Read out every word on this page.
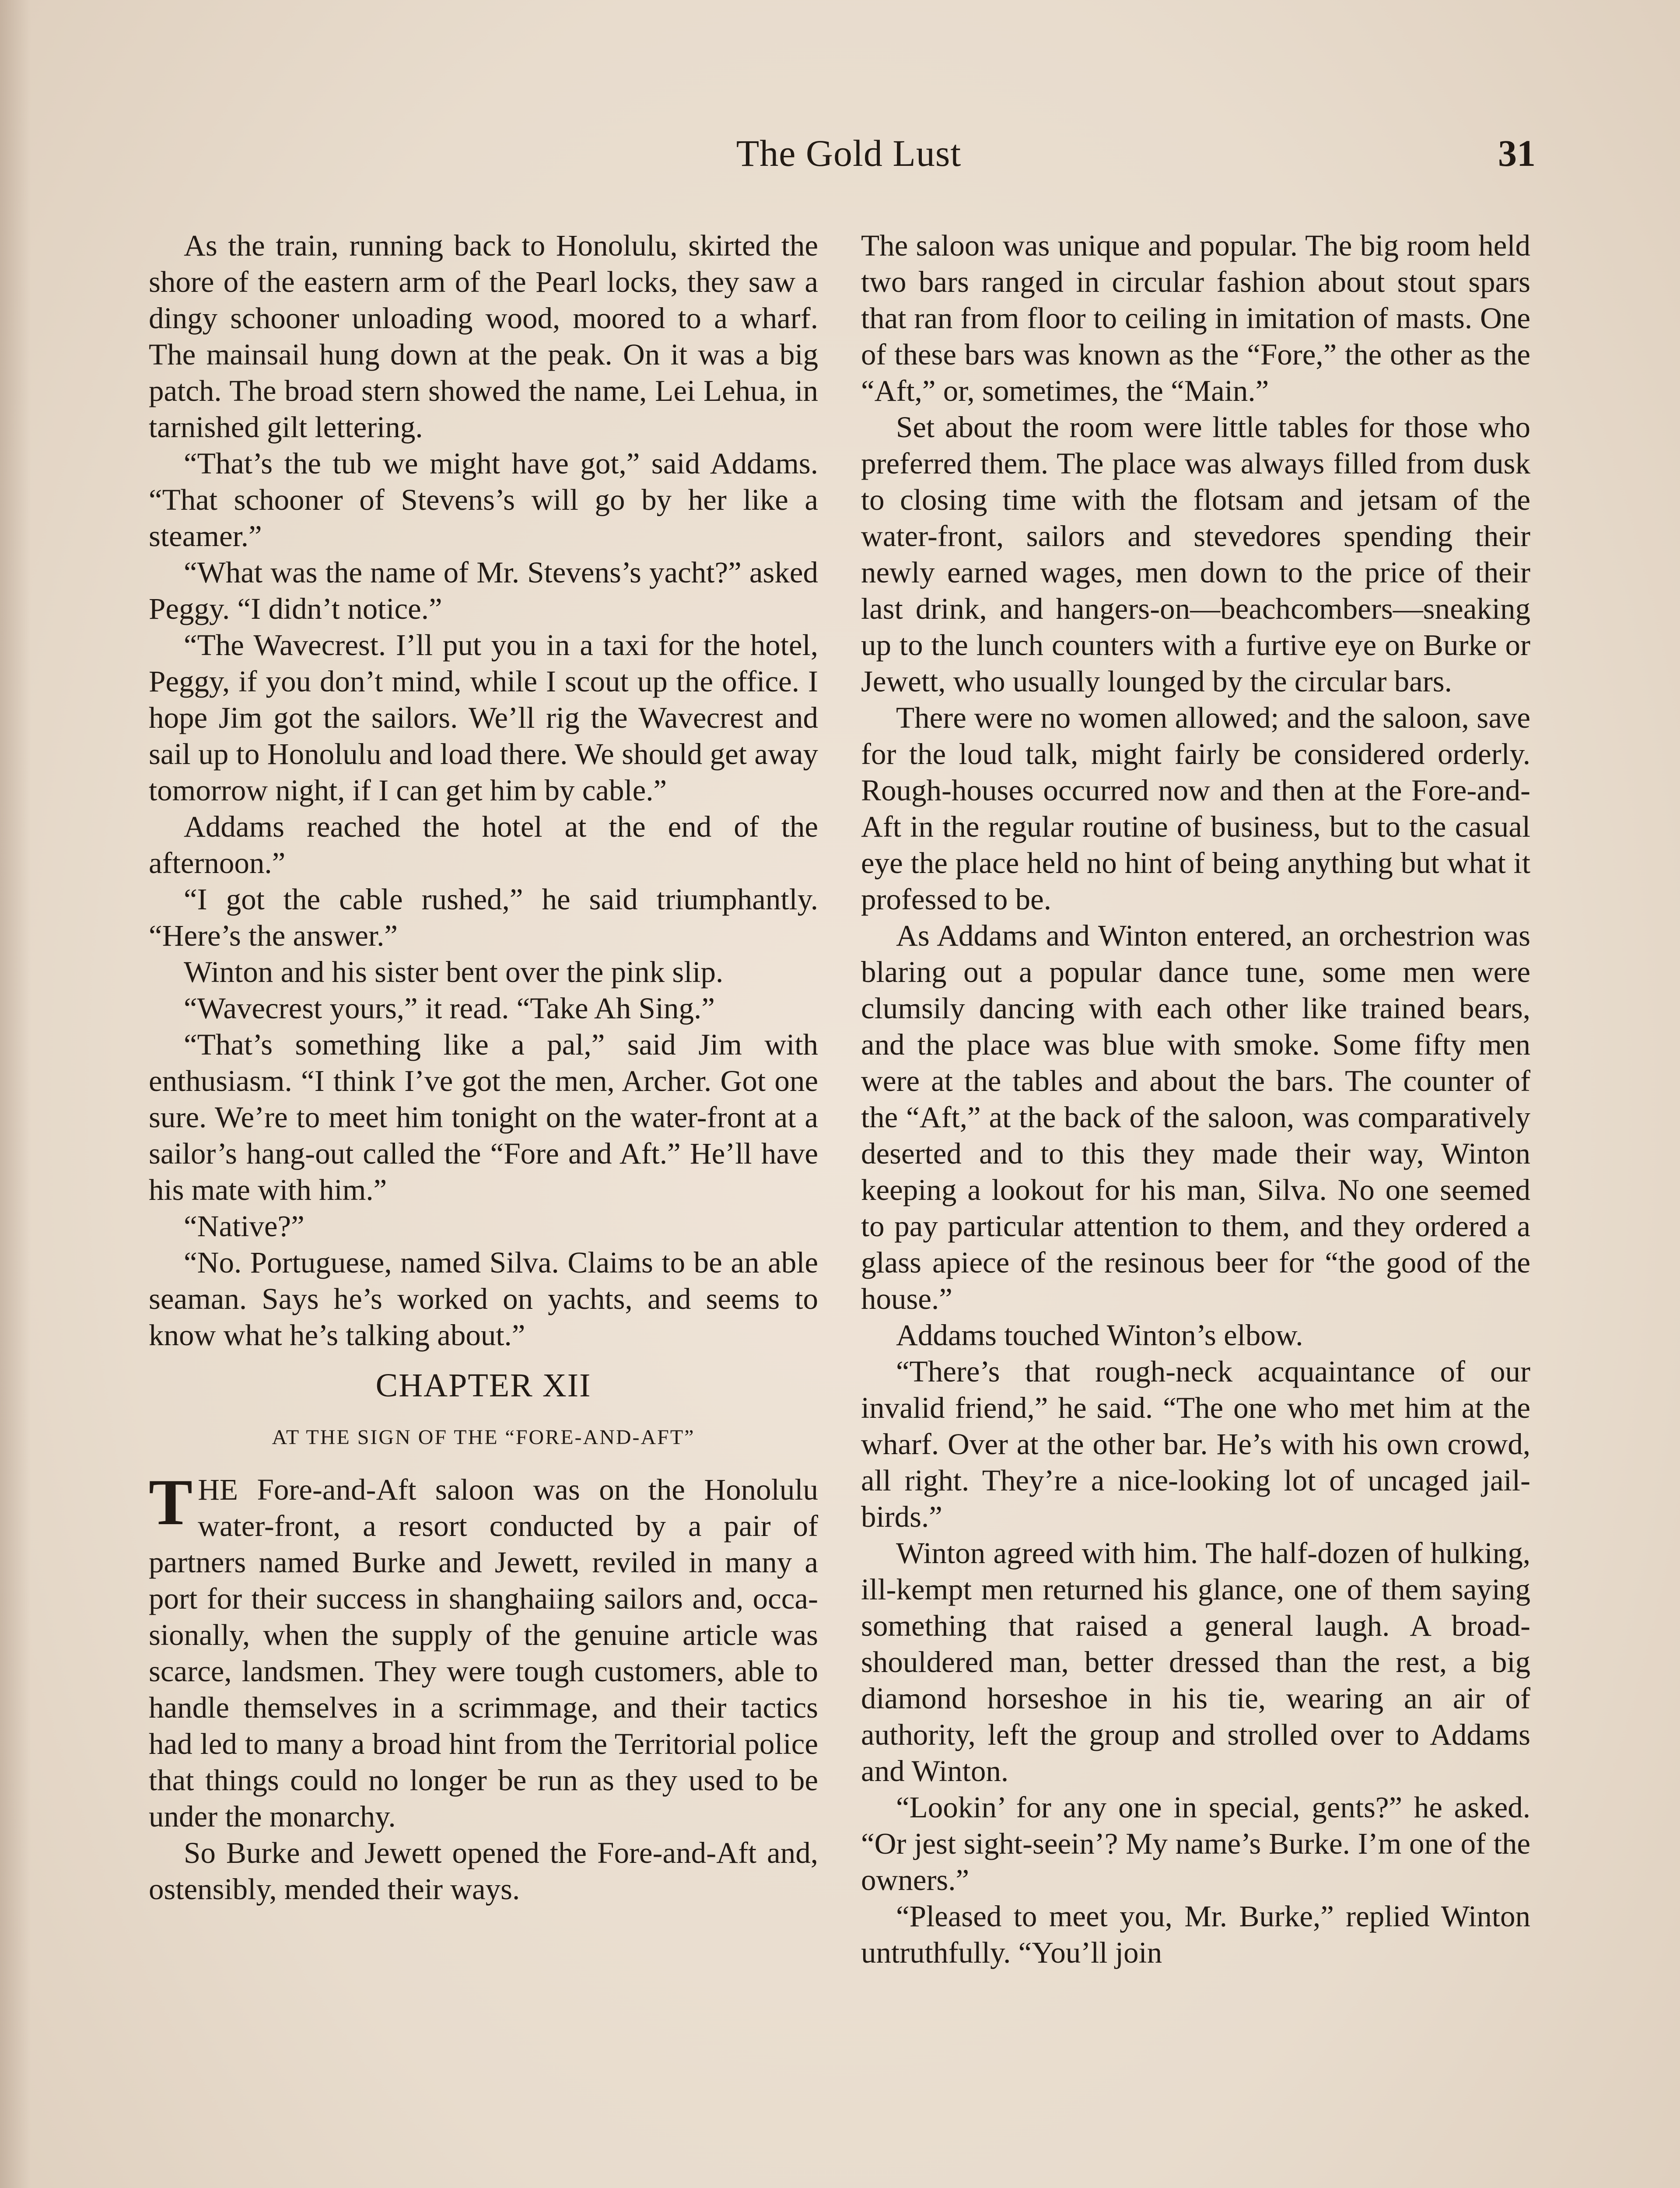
The Gold Lust	31

As the train, running back to Honolulu, skirted the shore of the eastern arm of the Pearl locks, they saw a dingy schooner unloading wood, moored to a wharf. The mainsail hung down at the peak. On it was a big patch. The broad stern showed the name, Lei Lehua, in tarnished gilt lettering.

“That’s the tub we might have got,” said Addams. “That schooner of Stevens’s will go by her like a steamer.”

“What was the name of Mr. Stevens’s yacht?” asked Peggy. “I didn’t notice.”

“The Wavecrest. I’ll put you in a taxi for the hotel, Peggy, if you don’t mind, while I scout up the office. I hope Jim got the sailors. We’ll rig the Wavecrest and sail up to Honolulu and load there. We should get away tomorrow night, if I can get him by cable.”

Addams reached the hotel at the end of the afternoon.”

“I got the cable rushed,” he said triumphantly. “Here’s the answer.”

Winton and his sister bent over the pink slip.

“Wavecrest yours,” it read. “Take Ah Sing.”

“That’s something like a pal,” said Jim with enthusiasm. “I think I’ve got the men, Archer. Got one sure. We’re to meet him tonight on the water-front at a sailor’s hang-out called the “Fore and Aft.” He’ll have his mate with him.”

“Native?”

“No. Portuguese, named Silva. Claims to be an able seaman. Says he’s worked on yachts, and seems to know what he’s talking about.”

CHAPTER XII
AT THE SIGN OF THE “FORE-AND-AFT”

THE Fore-and-Aft saloon was on the Honolulu water-front, a resort conducted by a pair of partners named Burke and Jewett, reviled in many a port for their success in shanghaiing sailors and, occasionally, when the supply of the genuine article was scarce, landsmen. They were tough customers, able to handle themselves in a scrimmage, and their tactics had led to many a broad hint from the Territorial police that things could no longer be run as they used to be under the monarchy.

So Burke and Jewett opened the Fore-and-Aft and, ostensibly, mended their ways.

The saloon was unique and popular. The big room held two bars ranged in circular fashion about stout spars that ran from floor to ceiling in imitation of masts. One of these bars was known as the “Fore,” the other as the “Aft,” or, sometimes, the “Main.”

Set about the room were little tables for those who preferred them. The place was always filled from dusk to closing time with the flotsam and jetsam of the water-front, sailors and stevedores spending their newly earned wages, men down to the price of their last drink, and hangers-on—beachcombers—sneaking up to the lunch counters with a furtive eye on Burke or Jewett, who usually lounged by the circular bars.

There were no women allowed; and the saloon, save for the loud talk, might fairly be considered orderly. Rough-houses occurred now and then at the Fore-and-Aft in the regular routine of business, but to the casual eye the place held no hint of being anything but what it professed to be.

As Addams and Winton entered, an orchestrion was blaring out a popular dance tune, some men were clumsily dancing with each other like trained bears, and the place was blue with smoke. Some fifty men were at the tables and about the bars. The counter of the “Aft,” at the back of the saloon, was comparatively deserted and to this they made their way, Winton keeping a lookout for his man, Silva. No one seemed to pay particular attention to them, and they ordered a glass apiece of the resinous beer for “the good of the house.”

Addams touched Winton’s elbow.

“There’s that rough-neck acquaintance of our invalid friend,” he said. “The one who met him at the wharf. Over at the other bar. He’s with his own crowd, all right. They’re a nice-looking lot of uncaged jail-birds.”

Winton agreed with him. The half-dozen of hulking, ill-kempt men returned his glance, one of them saying something that raised a general laugh. A broad-shouldered man, better dressed than the rest, a big diamond horseshoe in his tie, wearing an air of authority, left the group and strolled over to Addams and Winton.

“Lookin’ for any one in special, gents?” he asked. “Or jest sight-seein’? My name’s Burke. I’m one of the owners.”

“Pleased to meet you, Mr. Burke,” replied Winton untruthfully. “You’ll join
